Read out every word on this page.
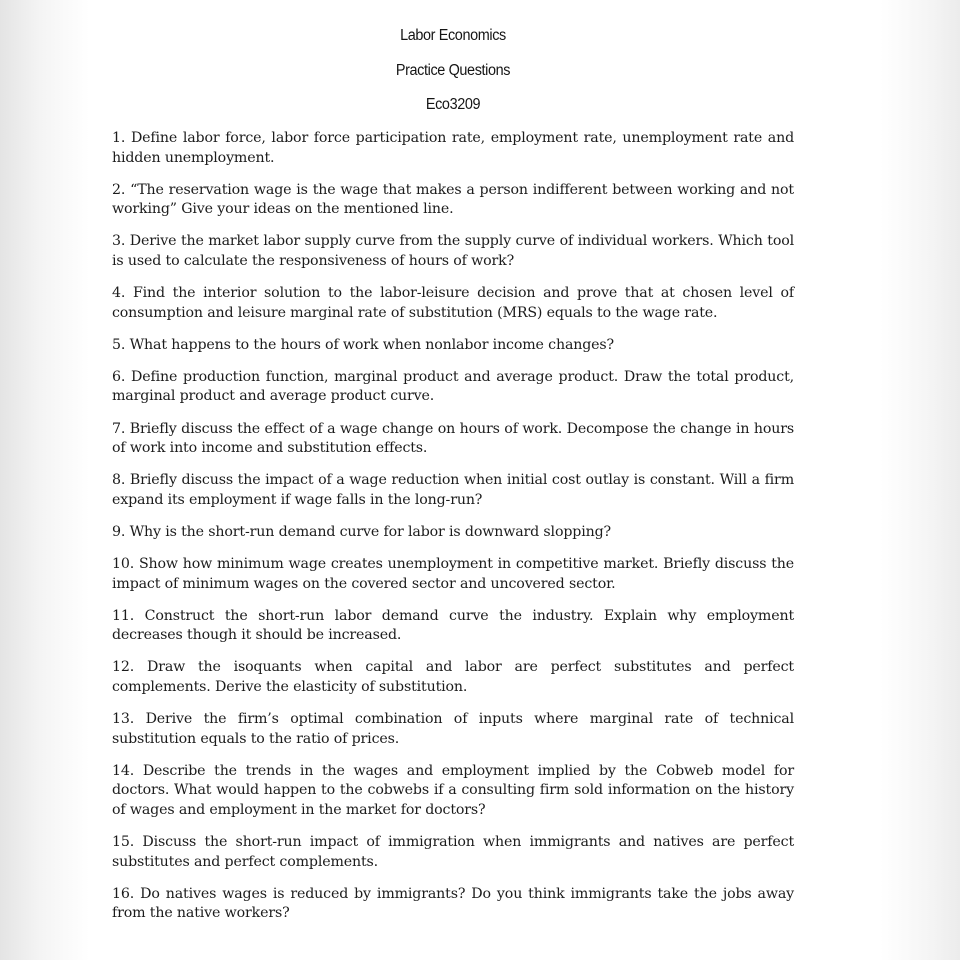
Labor Economics
Practice Questions
Eco3209
1. Define labor force, labor force participation rate, employment rate, unemployment rate and hidden unemployment.
2. “The reservation wage is the wage that makes a person indifferent between working and not working” Give your ideas on the mentioned line.
3. Derive the market labor supply curve from the supply curve of individual workers. Which tool is used to calculate the responsiveness of hours of work?
4. Find the interior solution to the labor-leisure decision and prove that at chosen level of consumption and leisure marginal rate of substitution (MRS) equals to the wage rate.
5. What happens to the hours of work when nonlabor income changes?
6. Define production function, marginal product and average product. Draw the total product, marginal product and average product curve.
7. Briefly discuss the effect of a wage change on hours of work. Decompose the change in hours of work into income and substitution effects.
8. Briefly discuss the impact of a wage reduction when initial cost outlay is constant. Will a firm expand its employment if wage falls in the long-run?
9. Why is the short-run demand curve for labor is downward slopping?
10. Show how minimum wage creates unemployment in competitive market. Briefly discuss the impact of minimum wages on the covered sector and uncovered sector.
11. Construct the short-run labor demand curve the industry. Explain why employment decreases though it should be increased.
12. Draw the isoquants when capital and labor are perfect substitutes and perfect complements. Derive the elasticity of substitution.
13. Derive the firm’s optimal combination of inputs where marginal rate of technical substitution equals to the ratio of prices.
14. Describe the trends in the wages and employment implied by the Cobweb model for doctors. What would happen to the cobwebs if a consulting firm sold information on the history of wages and employment in the market for doctors?
15. Discuss the short-run impact of immigration when immigrants and natives are perfect substitutes and perfect complements.
16. Do natives wages is reduced by immigrants? Do you think immigrants take the jobs away from the native workers?
